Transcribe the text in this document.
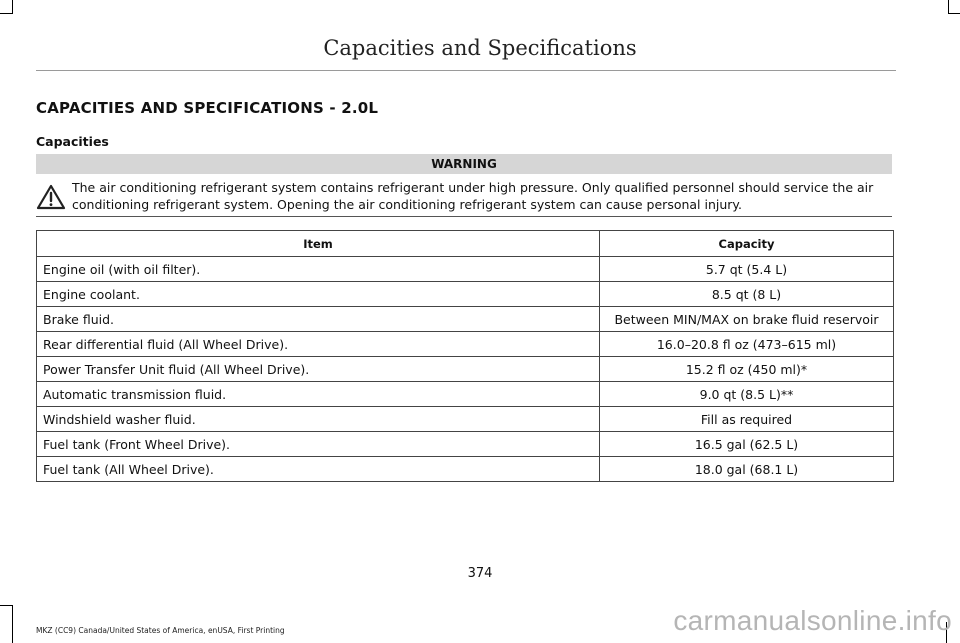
Capacities and Specifications
CAPACITIES AND SPECIFICATIONS - 2.0L
Capacities
WARNING
The air conditioning refrigerant system contains refrigerant under high pressure. Only qualified personnel should service the air conditioning refrigerant system. Opening the air conditioning refrigerant system can cause personal injury.
Item	Capacity
Engine oil (with oil filter).	5.7 qt (5.4 L)
Engine coolant.	8.5 qt (8 L)
Brake fluid.	Between MIN/MAX on brake fluid reservoir
Rear differential fluid (All Wheel Drive).	16.0–20.8 fl oz (473–615 ml)
Power Transfer Unit fluid (All Wheel Drive).	15.2 fl oz (450 ml)*
Automatic transmission fluid.	9.0 qt (8.5 L)**
Windshield washer fluid.	Fill as required
Fuel tank (Front Wheel Drive).	16.5 gal (62.5 L)
Fuel tank (All Wheel Drive).	18.0 gal (68.1 L)
374
MKZ (CC9) Canada/United States of America, enUSA, First Printing	carmanualsonline.info
